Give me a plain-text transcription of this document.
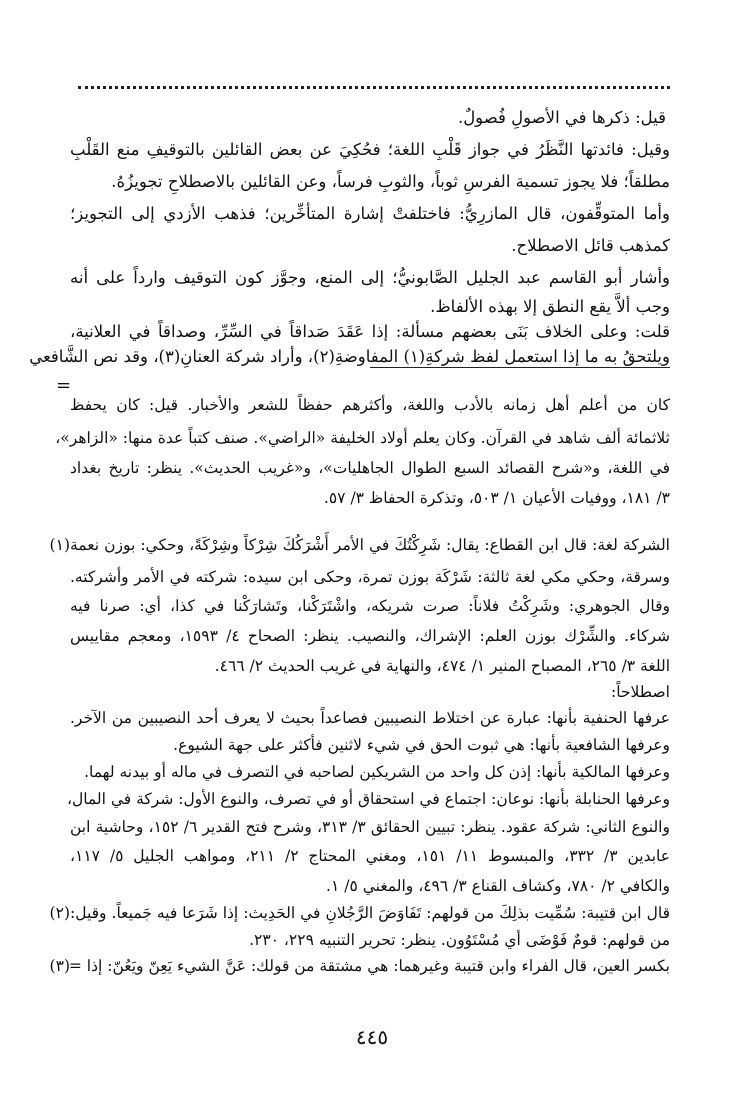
قيل: ذكرها في الأصولِ فُصولٌ.
وقيل: فائدتها النَّظَرُ في جواز قَلْبِ اللغة؛ فحُكِيَ عن بعض القائلين بالتوقيفِ منع القَلْبِ
مطلقاً؛ فلا يجوز تسمية الفرسِ ثوباً، والثوبِ فرساً، وعن القائلين بالاصطلاحِ تجويزُهُ.
وأما المتوقِّفون، قال المازرِيُّ: فاختلفتْ إشارة المتأخِّرين؛ فذهب الأزدي إلى التجويز؛
كمذهب قائل الاصطلاح.
وأشار أبو القاسم عبد الجليل الصَّابونيُّ؛ إلى المنع، وجوَّز كون التوقيف وارداً على أنه
وجب ألاَّ يقع النطق إلا بهذه الألفاظ.
قلت: وعلى الخلاف بَنَى بعضهم مسألة: إذا عَقَدَ صَداقاً في السِّرِّ، وصداقاً في العلانية،
ويلتحقُ به ما إذا استعمل لفظ شركةِ(١) المفاوضةِ(٢)، وأراد شركة العنانِ(٣)، وقد نص الشَّافعي
=
كان من أعلم أهل زمانه بالأدب واللغة، وأكثرهم حفظاً للشعر والأخبار. قيل: كان يحفظ
ثلاثمائة ألف شاهد في القرآن. وكان يعلم أولاد الخليفة «الراضي». صنف كتباً عدة منها: «الزاهر»،
في اللغة، و«شرح القصائد السبع الطوال الجاهليات»، و«غريب الحديث». ينظر: تاريخ بغداد
٣/ ١٨١، ووفيات الأعيان ١/ ٥٠٣، وتذكرة الحفاظ ٣/ ٥٧.
(١) الشركة لغة: قال ابن القطاع: يقال: شَرِكْتُكَ في الأمر أَشْرَكُكَ شِرْكاً وشِرْكَةً، وحكي: بوزن نعمة
وسرقة، وحكي مكي لغة ثالثة: شَرْكَة بوزن تمرة، وحكى ابن سيده: شركته في الأمر وأشركته.
وقال الجوهري: وشَرِكْتُ فلاناً: صرت شريكه، واشْتَرَكْنا، وتَشارَكْنا في كذا، أي: صرنا فيه
شركاء. والشِّرْك بوزن العلم: الإشراك، والنصيب. ينظر: الصحاح ٤/ ١٥٩٣، ومعجم مقاييس
اللغة ٣/ ٢٦٥، المصباح المنير ١/ ٤٧٤، والنهاية في غريب الحديث ٢/ ٤٦٦.
اصطلاحاً:
عرفها الحنفية بأنها: عبارة عن اختلاط النصيبين فصاعداً بحيث لا يعرف أحد النصيبين من الآخر.
وعرفها الشافعية بأنها: هي ثبوت الحق في شيء لاثنين فأكثر على جهة الشيوع.
وعرفها المالكية بأنها: إذن كل واحد من الشريكين لصاحبه في التصرف في ماله أو بيدنه لهما.
وعرفها الحنابلة بأنها: نوعان: اجتماع في استحقاق أو في تصرف، والنوع الأول: شركة في المال،
والنوع الثاني: شركة عقود. ينظر: تبيين الحقائق ٣/ ٣١٣، وشرح فتح القدير ٦/ ١٥٢، وحاشية ابن
عابدين ٣/ ٣٣٢، والمبسوط ١١/ ١٥١، ومغني المحتاج ٢/ ٢١١، ومواهب الجليل ٥/ ١١٧،
والكافي ٢/ ٧٨٠، وكشاف القناع ٣/ ٤٩٦، والمغني ٥/ ١.
(٢) قال ابن قتيبة: سُمِّيت بذلِكَ من قولهم: تَفَاوَضَ الرَّجُلانِ في الحَدِيث: إذا شَرَعا فيه جَميعاً. وقيل:
من قولهم: قومٌ فَوْضَى أي مُسْتَوُون. ينظر: تحرير التنبيه ٢٢٩، ٢٣٠.
(٣)
بكسر العين، قال الفراء وابن قتيبة وغيرهما: هي مشتقة من قولك: عَنَّ الشيء يَعِنّ ويَعُنّ: إذا =
٤٤٥
